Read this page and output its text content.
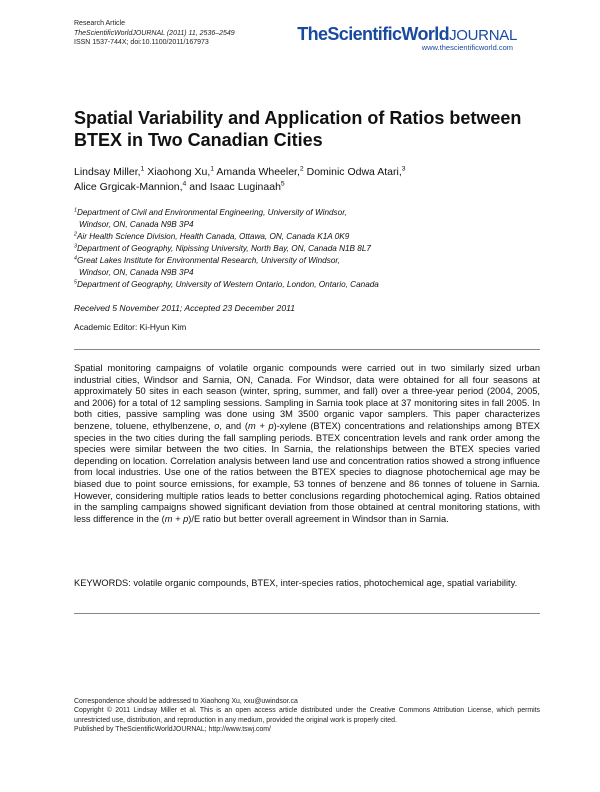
Research Article
TheScientificWorldJOURNAL (2011) 11, 2536–2549
ISSN 1537-744X; doi:10.1100/2011/167973	TheScientificWorldJOURNAL
www.thescientificworld.com
Spatial Variability and Application of Ratios between BTEX in Two Canadian Cities
Lindsay Miller,$^1$ Xiaohong Xu,$^1$ Amanda Wheeler,$^2$ Dominic Odwa Atari,$^3$
Alice Grgicak-Mannion,$^4$ and Isaac Luginaah$^5$
$^1$Department of Civil and Environmental Engineering, University of Windsor,
Windsor, ON, Canada N9B 3P4
$^2$Air Health Science Division, Health Canada, Ottawa, ON, Canada K1A 0K9
$^3$Department of Geography, Nipissing University, North Bay, ON, Canada N1B 8L7
$^4$Great Lakes Institute for Environmental Research, University of Windsor,
Windsor, ON, Canada N9B 3P4
$^5$Department of Geography, University of Western Ontario, London, Ontario, Canada
Received 5 November 2011; Accepted 23 December 2011
Academic Editor: Ki-Hyun Kim
Spatial monitoring campaigns of volatile organic compounds were carried out in two similarly sized urban industrial cities, Windsor and Sarnia, ON, Canada. For Windsor, data were obtained for all four seasons at approximately 50 sites in each season (winter, spring, summer, and fall) over a three-year period (2004, 2005, and 2006) for a total of 12 sampling sessions. Sampling in Sarnia took place at 37 monitoring sites in fall 2005. In both cities, passive sampling was done using 3M 3500 organic vapor samplers. This paper characterizes benzene, toluene, ethylbenzene, o, and (m + p)-xylene (BTEX) concentrations and relationships among BTEX species in the two cities during the fall sampling periods. BTEX concentration levels and rank order among the species were similar between the two cities. In Sarnia, the relationships between the BTEX species varied depending on location. Correlation analysis between land use and concentration ratios showed a strong influence from local industries. Use one of the ratios between the BTEX species to diagnose photochemical age may be biased due to point source emissions, for example, 53 tonnes of benzene and 86 tonnes of toluene in Sarnia. However, considering multiple ratios leads to better conclusions regarding photochemical aging. Ratios obtained in the sampling campaigns showed significant deviation from those obtained at central monitoring stations, with less difference in the (m + p)/E ratio but better overall agreement in Windsor than in Sarnia.
KEYWORDS: volatile organic compounds, BTEX, inter-species ratios, photochemical age, spatial variability.
Correspondence should be addressed to Xiaohong Xu, xxu@uwindsor.ca
Copyright © 2011 Lindsay Miller et al. This is an open access article distributed under the Creative Commons Attribution License, which permits unrestricted use, distribution, and reproduction in any medium, provided the original work is properly cited.
Published by TheScientificWorldJOURNAL; http://www.tswj.com/
